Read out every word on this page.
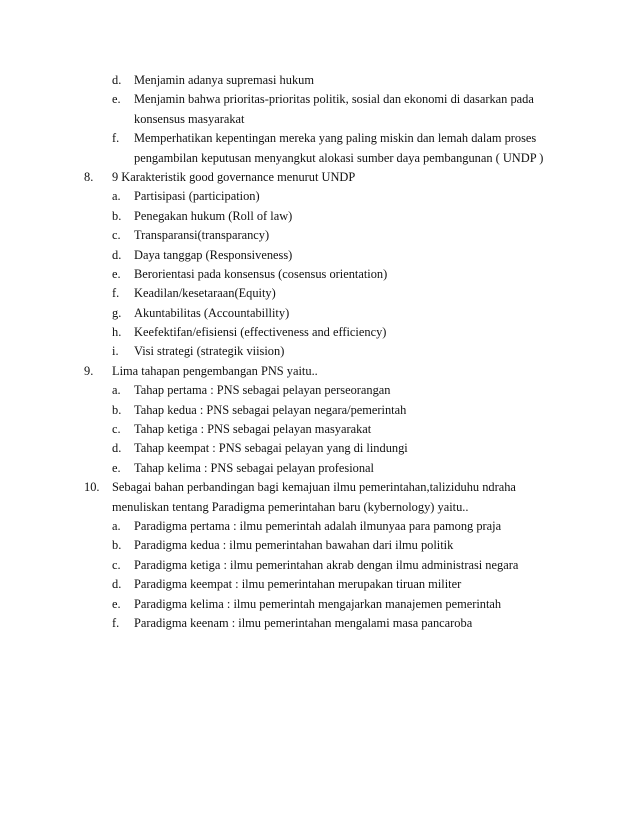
d.	Menjamin adanya supremasi hukum
e.	Menjamin bahwa prioritas-prioritas politik, sosial dan ekonomi di dasarkan pada
konsensus masyarakat
f.	Memperhatikan kepentingan mereka yang paling miskin dan lemah dalam proses
pengambilan keputusan menyangkut alokasi sumber daya pembangunan ( UNDP )
8.	9 Karakteristik good governance menurut UNDP
a.	Partisipasi (participation)
b.	Penegakan hukum (Roll of law)
c.	Transparansi(transparancy)
d.	Daya tanggap (Responsiveness)
e.	Berorientasi pada konsensus (cosensus orientation)
f.	Keadilan/kesetaraan(Equity)
g.	Akuntabilitas (Accountabillity)
h.	Keefektifan/efisiensi (effectiveness and efficiency)
i.	Visi strategi (strategik viision)
9.	Lima tahapan pengembangan PNS yaitu..
a.	Tahap pertama : PNS sebagai pelayan perseorangan
b.	Tahap kedua : PNS sebagai pelayan negara/pemerintah
c.	Tahap ketiga : PNS sebagai pelayan masyarakat
d.	Tahap keempat : PNS sebagai pelayan yang di lindungi
e.	Tahap kelima : PNS sebagai pelayan profesional
10.	Sebagai bahan perbandingan bagi kemajuan ilmu pemerintahan,taliziduhu ndraha
menuliskan tentang Paradigma pemerintahan baru (kybernology) yaitu..
a.	Paradigma pertama : ilmu pemerintah adalah ilmunyaa para pamong praja
b.	Paradigma kedua : ilmu pemerintahan bawahan dari ilmu politik
c.	Paradigma ketiga : ilmu pemerintahan akrab dengan ilmu administrasi negara
d.	Paradigma keempat : ilmu pemerintahan merupakan tiruan militer
e.	Paradigma kelima : ilmu pemerintah mengajarkan manajemen pemerintah
f.	Paradigma keenam : ilmu pemerintahan mengalami masa pancaroba
